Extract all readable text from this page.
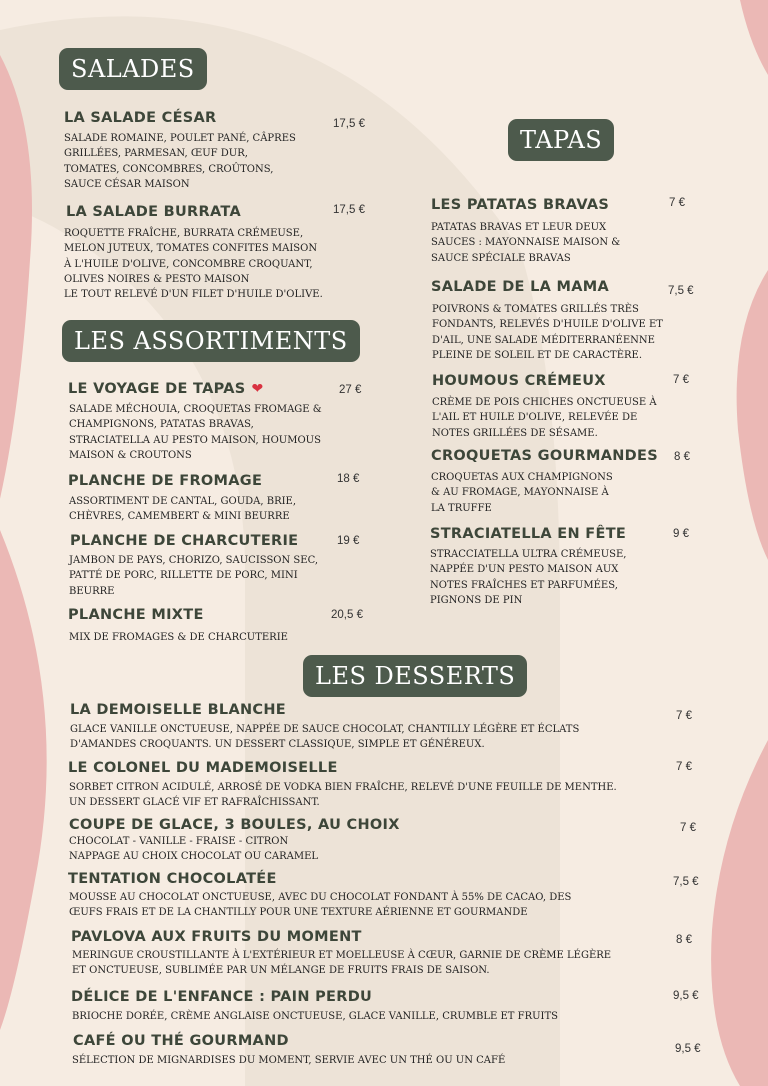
SALADES
LA SALADE CÉSAR	17,5 €
SALADE ROMAINE, POULET PANÉ, CÂPRES
GRILLÉES, PARMESAN, ŒUF DUR,
TOMATES, CONCOMBRES, CROÛTONS,
SAUCE CÉSAR MAISON
LA SALADE BURRATA	17,5 €
ROQUETTE FRAÎCHE, BURRATA CRÉMEUSE,
MELON JUTEUX, TOMATES CONFITES MAISON
À L'HUILE D'OLIVE, CONCOMBRE CROQUANT,
OLIVES NOIRES & PESTO MAISON
LE TOUT RELEVÉ D'UN FILET D'HUILE D'OLIVE.
LES ASSORTIMENTS
LE VOYAGE DE TAPAS ❤	27 €
SALADE MÉCHOUIA, CROQUETAS FROMAGE &
CHAMPIGNONS, PATATAS BRAVAS,
STRACIATELLA AU PESTO MAISON, HOUMOUS
MAISON & CROUTONS
PLANCHE DE FROMAGE	18 €
ASSORTIMENT DE CANTAL, GOUDA, BRIE,
CHÈVRES, CAMEMBERT & MINI BEURRE
PLANCHE DE CHARCUTERIE	19 €
JAMBON DE PAYS, CHORIZO, SAUCISSON SEC,
PATTÉ DE PORC, RILLETTE DE PORC, MINI
BEURRE
PLANCHE MIXTE	20,5 €
MIX DE FROMAGES & DE CHARCUTERIE
TAPAS
LES PATATAS BRAVAS	7 €
PATATAS BRAVAS ET LEUR DEUX
SAUCES : MAYONNAISE MAISON &
SAUCE SPÉCIALE BRAVAS
SALADE DE LA MAMA	7,5 €
POIVRONS & TOMATES GRILLÉS TRÈS
FONDANTS, RELEVÉS D'HUILE D'OLIVE ET
D'AIL, UNE SALADE MÉDITERRANÉENNE
PLEINE DE SOLEIL ET DE CARACTÈRE.
HOUMOUS CRÉMEUX	7 €
CRÈME DE POIS CHICHES ONCTUEUSE À
L'AIL ET HUILE D'OLIVE, RELEVÉE DE
NOTES GRILLÉES DE SÉSAME.
CROQUETAS GOURMANDES 8 €
CROQUETAS AUX CHAMPIGNONS
& AU FROMAGE, MAYONNAISE À
LA TRUFFE
STRACIATELLA EN FÊTE	9 €
STRACCIATELLA ULTRA CRÉMEUSE,
NAPPÉE D'UN PESTO MAISON AUX
NOTES FRAÎCHES ET PARFUMÉES,
PIGNONS DE PIN
LES DESSERTS
LA DEMOISELLE BLANCHE	7 €
GLACE VANILLE ONCTUEUSE, NAPPÉE DE SAUCE CHOCOLAT, CHANTILLY LÉGÈRE ET ÉCLATS
D'AMANDES CROQUANTS. UN DESSERT CLASSIQUE, SIMPLE ET GÉNÉREUX.
LE COLONEL DU MADEMOISELLE	7 €
SORBET CITRON ACIDULÉ, ARROSÉ DE VODKA BIEN FRAÎCHE, RELEVÉ D'UNE FEUILLE DE MENTHE.
UN DESSERT GLACÉ VIF ET RAFRAÎCHISSANT.
COUPE DE GLACE, 3 BOULES, AU CHOIX	7 €
CHOCOLAT - VANILLE - FRAISE - CITRON
NAPPAGE AU CHOIX CHOCOLAT OU CARAMEL
TENTATION CHOCOLATÉE	7,5 €
MOUSSE AU CHOCOLAT ONCTUEUSE, AVEC DU CHOCOLAT FONDANT À 55% DE CACAO, DES
ŒUFS FRAIS ET DE LA CHANTILLY POUR UNE TEXTURE AÉRIENNE ET GOURMANDE
PAVLOVA AUX FRUITS DU MOMENT	8 €
MERINGUE CROUSTILLANTE À L'EXTÉRIEUR ET MOELLEUSE À CŒUR, GARNIE DE CRÈME LÉGÈRE
ET ONCTUEUSE, SUBLIMÉE PAR UN MÉLANGE DE FRUITS FRAIS DE SAISON.
DÉLICE DE L'ENFANCE : PAIN PERDU	9,5 €
BRIOCHE DORÉE, CRÈME ANGLAISE ONCTUEUSE, GLACE VANILLE, CRUMBLE ET FRUITS
CAFÉ OU THÉ GOURMAND	9,5 €
SÉLECTION DE MIGNARDISES DU MOMENT, SERVIE AVEC UN THÉ OU UN CAFÉ
